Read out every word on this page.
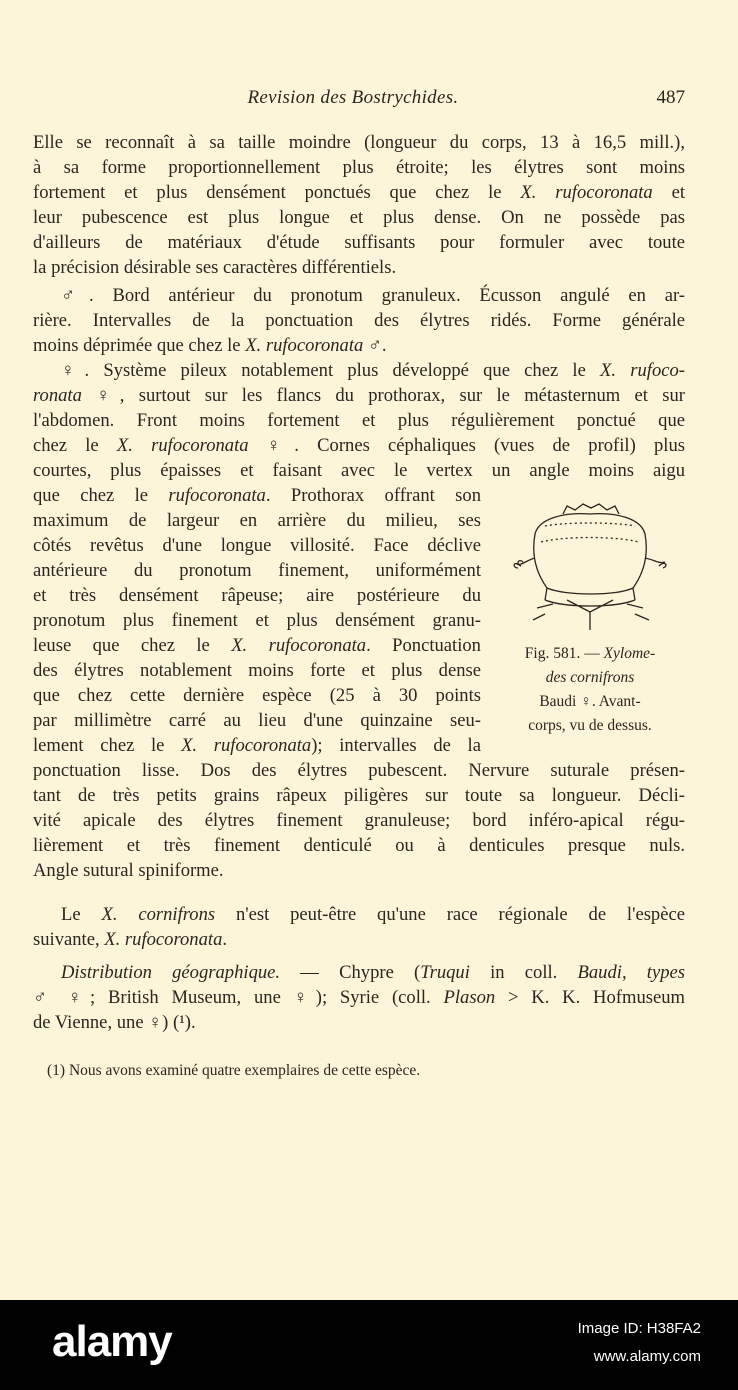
Revision des Bostrychides.	487
Elle se reconnaît à sa taille moindre (longueur du corps, 13 à 16,5 mill.),
à sa forme proportionnellement plus étroite; les élytres sont moins
fortement et plus densément ponctués que chez le X. rufocoronata et
leur pubescence est plus longue et plus dense. On ne possède pas
d'ailleurs de matériaux d'étude suffisants pour formuler avec toute
la précision désirable ses caractères différentiels.
♂. Bord antérieur du pronotum granuleux. Écusson angulé en ar-
rière. Intervalles de la ponctuation des élytres ridés. Forme générale
moins déprimée que chez le X. rufocoronata ♂.
♀. Système pileux notablement plus développé que chez le X. rufoco-
ronata ♀, surtout sur les flancs du prothorax, sur le métasternum et sur
l'abdomen. Front moins fortement et plus régulièrement ponctué que
chez le X. rufocoronata ♀. Cornes céphaliques (vues de profil) plus
courtes, plus épaisses et faisant avec le vertex un angle moins aigu
que chez le rufocoronata. Prothorax offrant son
maximum de largeur en arrière du milieu, ses
côtés revêtus d'une longue villosité. Face déclive
antérieure du pronotum finement, uniformément
et très densément râpeuse; aire postérieure du
pronotum plus finement et plus densément granu-
leuse que chez le X. rufocoronata. Ponctuation
des élytres notablement moins forte et plus dense
que chez cette dernière espèce (25 à 30 points
par millimètre carré au lieu d'une quinzaine seu-
lement chez le X. rufocoronata); intervalles de la
ponctuation lisse. Dos des élytres pubescent. Nervure suturale présen-
tant de très petits grains râpeux piligères sur toute sa longueur. Décli-
vité apicale des élytres finement granuleuse; bord inféro-apical régu-
lièrement et très finement denticulé ou à denticules presque nuls.
Angle sutural spiniforme.
Le X. cornifrons n'est peut-être qu'une race régionale de l'espèce
suivante, X. rufocoronata.
Distribution géographique. — Chypre (Truqui in coll. Baudi, types
♂ ♀; British Museum, une ♀); Syrie (coll. Plason > K. K. Hofmuseum
de Vienne, une ♀) (¹).
Fig. 581. — Xylome-
des cornifrons
Baudi ♀. Avant-
corps, vu de dessus.
(1) Nous avons examiné quatre exemplaires de cette espèce.
alamy	Image ID: H38FA2
www.alamy.com
